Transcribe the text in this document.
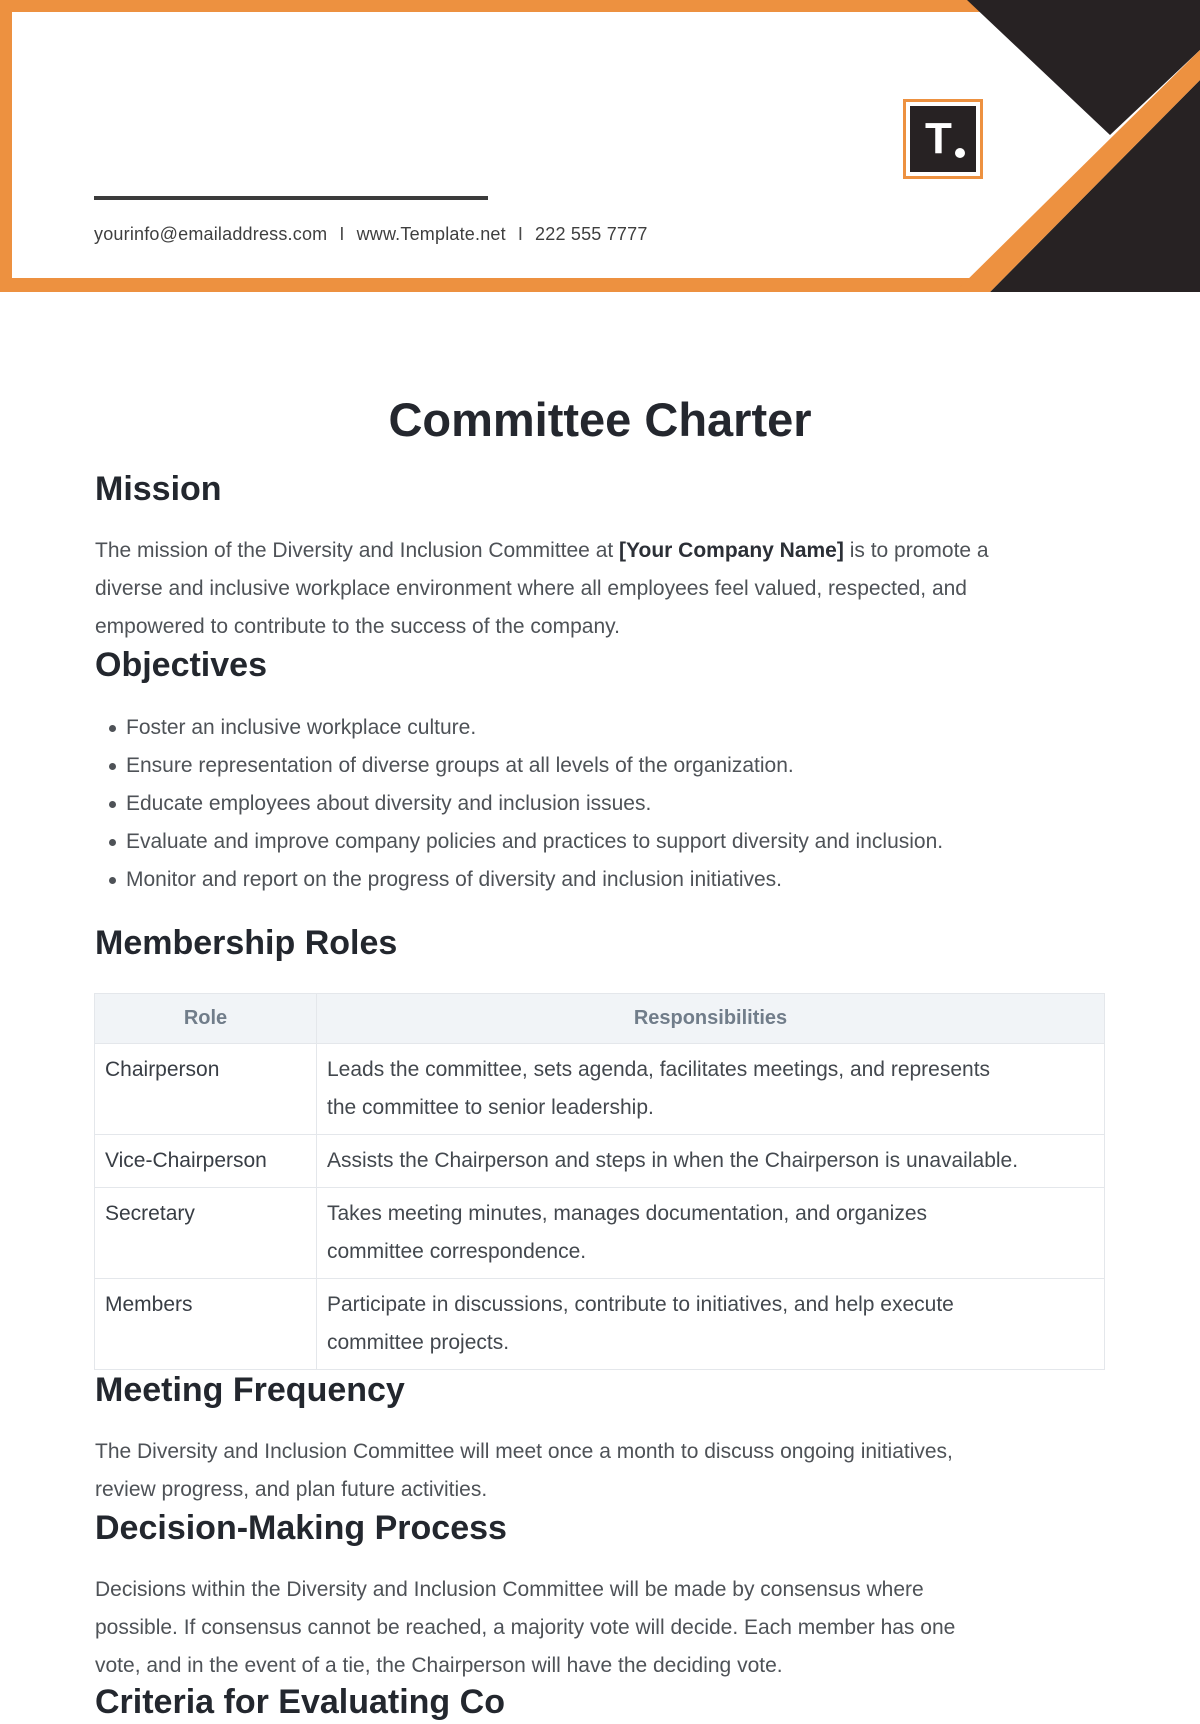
T
yourinfo@emailaddress.com I www.Template.net I 222 555 7777
Committee Charter
Mission
The mission of the Diversity and Inclusion Committee at [Your Company Name] is to promote a
diverse and inclusive workplace environment where all employees feel valued, respected, and
empowered to contribute to the success of the company.
Objectives
Foster an inclusive workplace culture.
Ensure representation of diverse groups at all levels of the organization.
Educate employees about diversity and inclusion issues.
Evaluate and improve company policies and practices to support diversity and inclusion.
Monitor and report on the progress of diversity and inclusion initiatives.
Membership Roles
Role	Responsibilities
Chairperson	Leads the committee, sets agenda, facilitates meetings, and represents
the committee to senior leadership.

Vice-Chairperson	Assists the Chairperson and steps in when the Chairperson is unavailable.

Secretary	Takes meeting minutes, manages documentation, and organizes
committee correspondence.

Members	Participate in discussions, contribute to initiatives, and help execute
committee projects.
Meeting Frequency
The Diversity and Inclusion Committee will meet once a month to discuss ongoing initiatives,
review progress, and plan future activities.
Decision-Making Process
Decisions within the Diversity and Inclusion Committee will be made by consensus where
possible. If consensus cannot be reached, a majority vote will decide. Each member has one
vote, and in the event of a tie, the Chairperson will have the deciding vote.
Criteria for Evaluating Co
